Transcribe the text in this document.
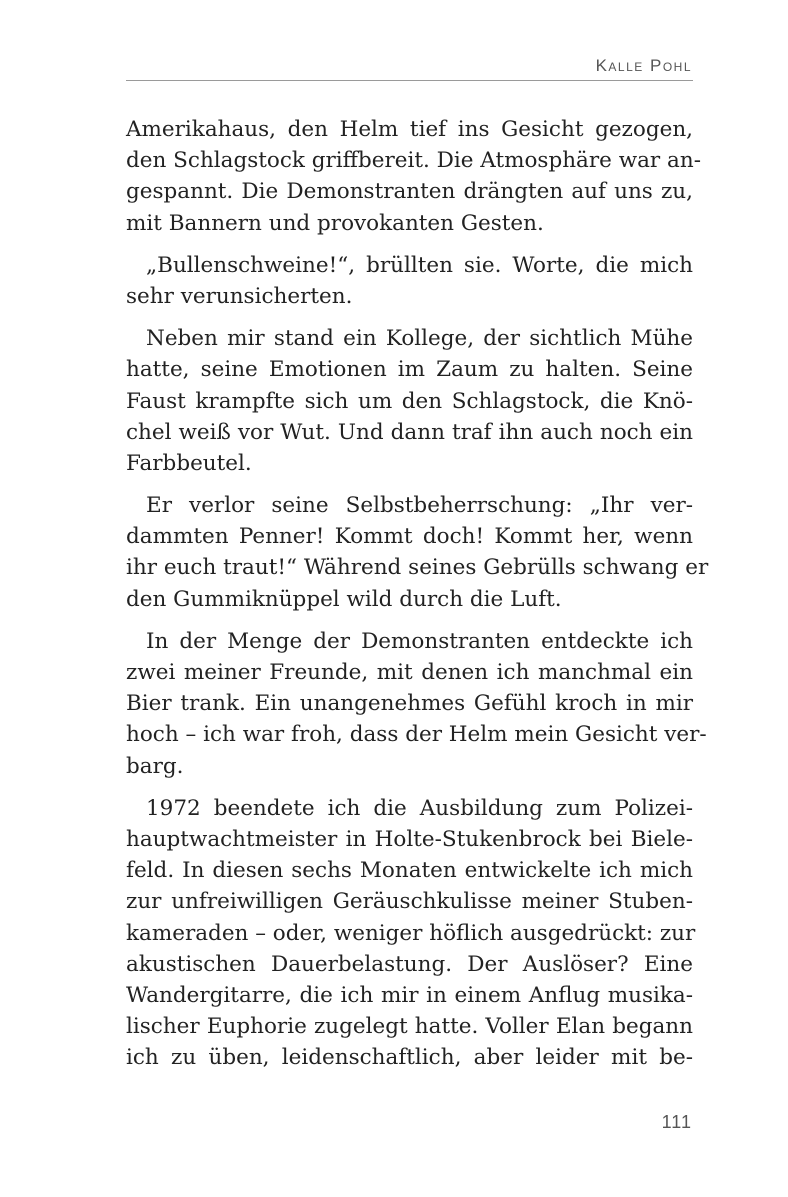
Kalle Pohl
Amerikahaus, den Helm tief ins Gesicht gezogen,
den Schlagstock griffbereit. Die Atmosphäre war an-
gespannt. Die Demonstranten drängten auf uns zu,
mit Bannern und provokanten Gesten.
„Bullenschweine!“, brüllten sie. Worte, die mich
sehr verunsicherten.
Neben mir stand ein Kollege, der sichtlich Mühe
hatte, seine Emotionen im Zaum zu halten. Seine
Faust krampfte sich um den Schlagstock, die Knö-
chel weiß vor Wut. Und dann traf ihn auch noch ein
Farbbeutel.
Er verlor seine Selbstbeherrschung: „Ihr ver-
dammten Penner! Kommt doch! Kommt her, wenn
ihr euch traut!“ Während seines Gebrülls schwang er
den Gummiknüppel wild durch die Luft.
In der Menge der Demonstranten entdeckte ich
zwei meiner Freunde, mit denen ich manchmal ein
Bier trank. Ein unangenehmes Gefühl kroch in mir
hoch – ich war froh, dass der Helm mein Gesicht ver-
barg.
1972 beendete ich die Ausbildung zum Polizei-
hauptwachtmeister in Holte-Stukenbrock bei Biele-
feld. In diesen sechs Monaten entwickelte ich mich
zur unfreiwilligen Geräuschkulisse meiner Stuben-
kameraden – oder, weniger höflich ausgedrückt: zur
akustischen Dauerbelastung. Der Auslöser? Eine
Wandergitarre, die ich mir in einem Anflug musika-
lischer Euphorie zugelegt hatte. Voller Elan begann
ich zu üben, leidenschaftlich, aber leider mit be-
111
